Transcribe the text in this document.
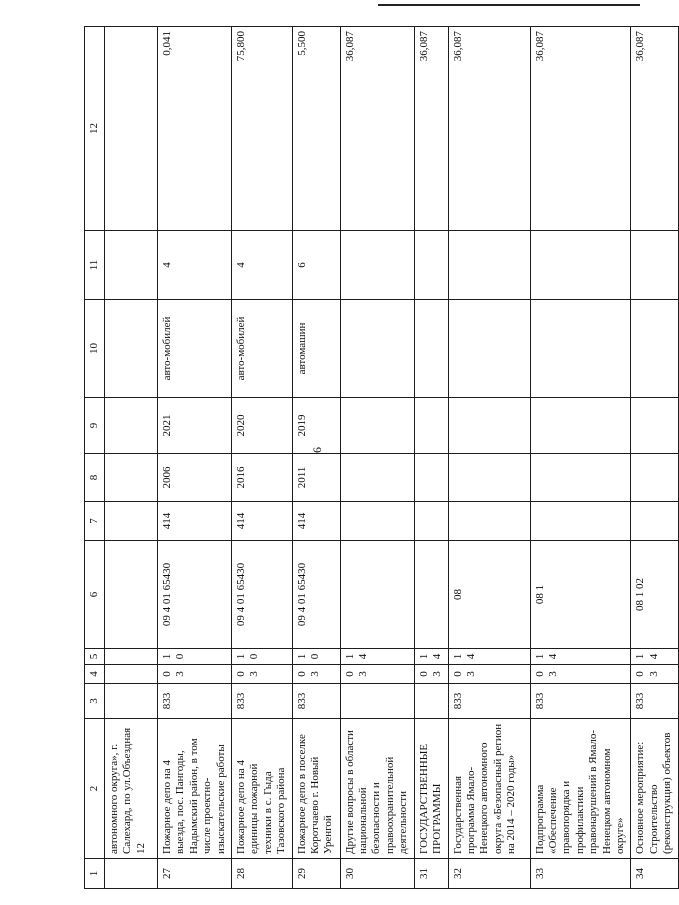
6
1	2	3	4	5	6	7	8	9	10	11	12
	автономного округа», г. Салехард, по ул.Объездная 12										
27	Пожарное депо на 4 выезда, пос. Пангоды, Надымский район, в том числе проектно-изыскательские работы	833	03	10	09 4 01 65430	414	2006	2021	авто-мобилей	4	0,041
28	Пожарное депо на 4 единицы пожарной техники в с. Гыда Тазовского района	833	03	10	09 4 01 65430	414	2016	2020	авто-мобилей	4	75,800
29	Пожарное депо в поселке Коротчаево г. Новый Уренгой	833	03	10	09 4 01 65430	414	2011	2019	автомашин	6	5,500
30	Другие вопросы в области национальной безопасности и правоохранительной деятельности		03	14							36,087
31	ГОСУДАРСТВЕННЫЕ ПРОГРАММЫ		03	14							36,087
32	Государственная программа Ямало-Ненецкого автономного округа «Безопасный регион на 2014 – 2020 годы»	833	03	14	08						36,087
33	Подпрограмма «Обеспечение правопорядка и профилактики правонарушений в Ямало-Ненецком автономном округе»	833	03	14	08 1						36,087
34	Основное мероприятие: Строительство (реконструкция) объектов	833	03	14	08 1 02						36,087
